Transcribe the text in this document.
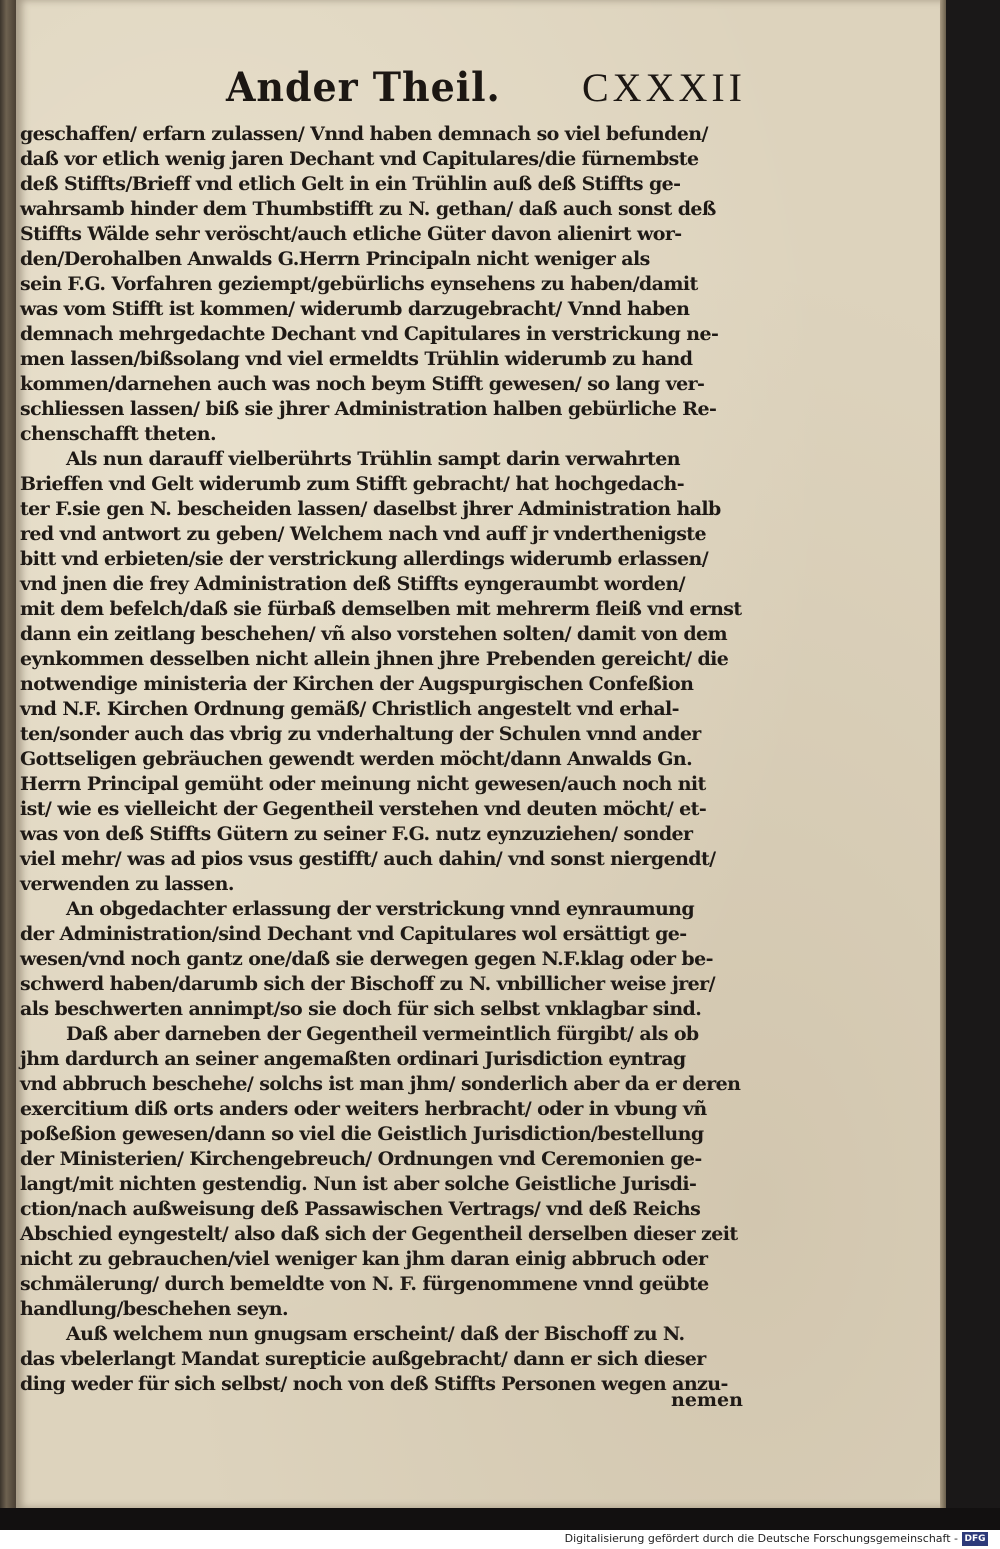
Ander Theil. CXXXII
geschaffen/ erfarn zulassen/ Vnnd haben demnach so viel befunden/
daß vor etlich wenig jaren Dechant vnd Capitulares/die fürnembste
deß Stiffts/Brieff vnd etlich Gelt in ein Trühlin auß deß Stiffts ge-
wahrsamb hinder dem Thumbstifft zu N. gethan/ daß auch sonst deß
Stiffts Wälde sehr veröscht/auch etliche Güter davon alienirt wor-
den/Derohalben Anwalds G.Herrn Principaln nicht weniger als
sein F.G. Vorfahren geziempt/gebürlichs eynsehens zu haben/damit
was vom Stifft ist kommen/ widerumb darzugebracht/ Vnnd haben
demnach mehrgedachte Dechant vnd Capitulares in verstrickung ne-
men lassen/bißsolang vnd viel ermeldts Trühlin widerumb zu hand
kommen/darnehen auch was noch beym Stifft gewesen/ so lang ver-
schliessen lassen/ biß sie jhrer Administration halben gebürliche Re-
chenschafft theten.
Als nun darauff vielberührts Trühlin sampt darin verwahrten
Brieffen vnd Gelt widerumb zum Stifft gebracht/ hat hochgedach-
ter F.sie gen N. bescheiden lassen/ daselbst jhrer Administration halb
red vnd antwort zu geben/ Welchem nach vnd auff jr vnderthenigste
bitt vnd erbieten/sie der verstrickung allerdings widerumb erlassen/
vnd jnen die frey Administration deß Stiffts eyngeraumbt worden/
mit dem befelch/daß sie fürbaß demselben mit mehrerm fleiß vnd ernst
dann ein zeitlang beschehen/ vñ also vorstehen solten/ damit von dem
eynkommen desselben nicht allein jhnen jhre Prebenden gereicht/ die
notwendige ministeria der Kirchen der Augspurgischen Confeßion
vnd N.F. Kirchen Ordnung gemäß/ Christlich angestelt vnd erhal-
ten/sonder auch das vbrig zu vnderhaltung der Schulen vnnd ander
Gottseligen gebräuchen gewendt werden möcht/dann Anwalds Gn.
Herrn Principal gemüht oder meinung nicht gewesen/auch noch nit
ist/ wie es vielleicht der Gegentheil verstehen vnd deuten möcht/ et-
was von deß Stiffts Gütern zu seiner F.G. nutz eynzuziehen/ sonder
viel mehr/ was ad pios vsus gestifft/ auch dahin/ vnd sonst niergendt/
verwenden zu lassen.
An obgedachter erlassung der verstrickung vnnd eynraumung
der Administration/sind Dechant vnd Capitulares wol ersättigt ge-
wesen/vnd noch gantz one/daß sie derwegen gegen N.F.klag oder be-
schwerd haben/darumb sich der Bischoff zu N. vnbillicher weise jrer/
als beschwerten annimpt/so sie doch für sich selbst vnklagbar sind.
Daß aber darneben der Gegentheil vermeintlich fürgibt/ als ob
jhm dardurch an seiner angemaßten ordinari Jurisdiction eyntrag
vnd abbruch beschehe/ solchs ist man jhm/ sonderlich aber da er deren
exercitium diß orts anders oder weiters herbracht/ oder in vbung vñ
poßeßion gewesen/dann so viel die Geistlich Jurisdiction/bestellung
der Ministerien/ Kirchengebreuch/ Ordnungen vnd Ceremonien ge-
langt/mit nichten gestendig. Nun ist aber solche Geistliche Jurisdi-
ction/nach außweisung deß Passawischen Vertrags/ vnd deß Reichs
Abschied eyngestelt/ also daß sich der Gegentheil derselben dieser zeit
nicht zu gebrauchen/viel weniger kan jhm daran einig abbruch oder
schmälerung/ durch bemeldte von N. F. fürgenommene vnnd geübte
handlung/beschehen seyn.
Auß welchem nun gnugsam erscheint/ daß der Bischoff zu N.
das vbelerlangt Mandat surepticie außgebracht/ dann er sich dieser
ding weder für sich selbst/ noch von deß Stiffts Personen wegen anzu-
nemen
Digitalisierung gefördert durch die Deutsche Forschungsgemeinschaft - DFG
